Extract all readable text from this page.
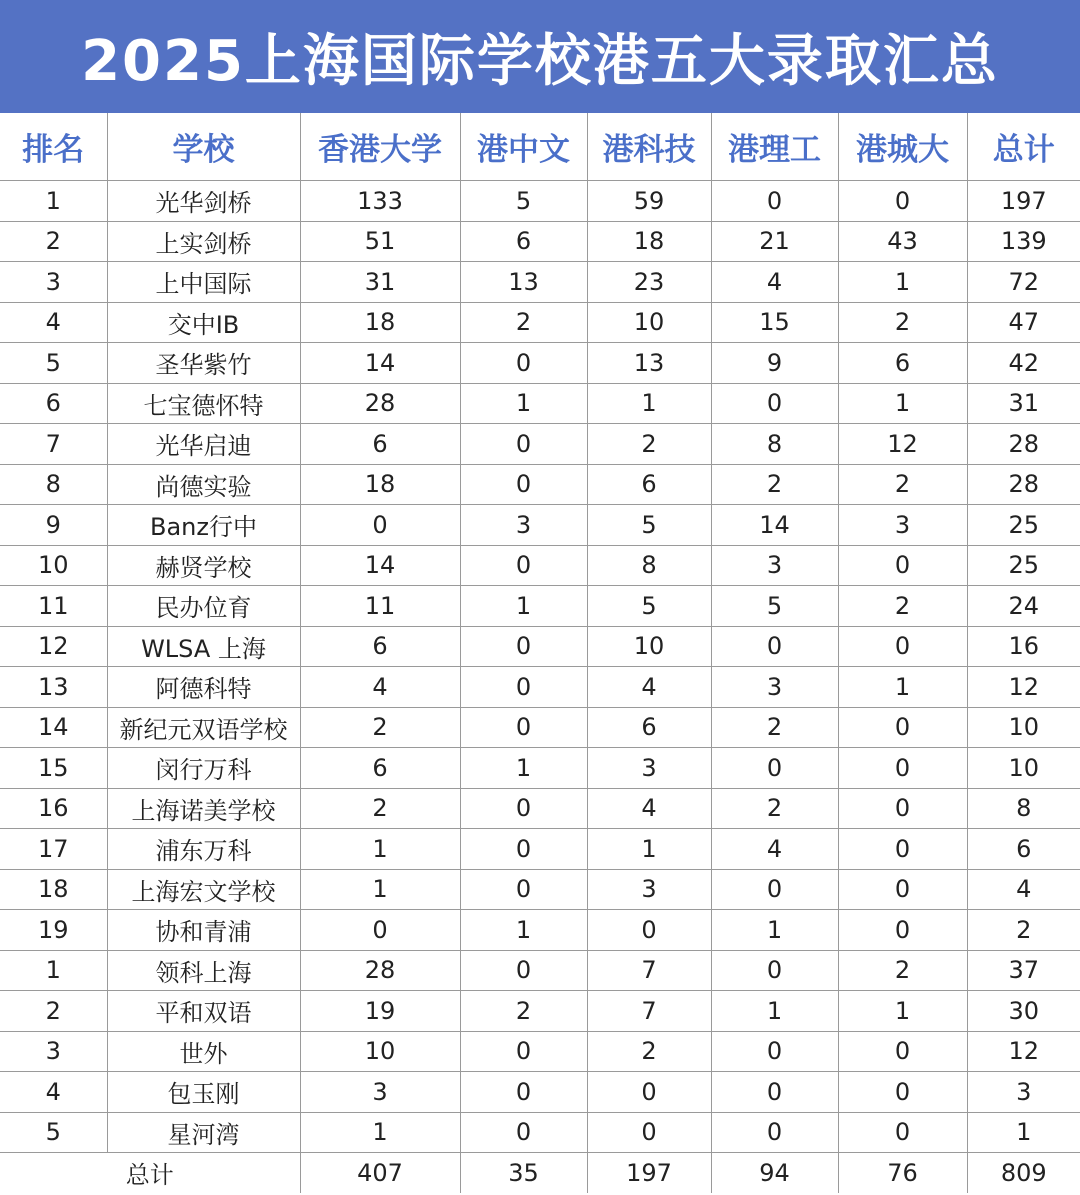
2025上海国际学校港五大录取汇总
排名	学校	香港大学	港中文	港科技	港理工	港城大	总计
1	光华剑桥	133	5	59	0	0	197
2	上实剑桥	51	6	18	21	43	139
3	上中国际	31	13	23	4	1	72
4	交中IB	18	2	10	15	2	47
5	圣华紫竹	14	0	13	9	6	42
6	七宝德怀特	28	1	1	0	1	31
7	光华启迪	6	0	2	8	12	28
8	尚德实验	18	0	6	2	2	28
9	Banz行中	0	3	5	14	3	25
10	赫贤学校	14	0	8	3	0	25
11	民办位育	11	1	5	5	2	24
12	WLSA 上海	6	0	10	0	0	16
13	阿德科特	4	0	4	3	1	12
14	新纪元双语学校	2	0	6	2	0	10
15	闵行万科	6	1	3	0	0	10
16	上海诺美学校	2	0	4	2	0	8
17	浦东万科	1	0	1	4	0	6
18	上海宏文学校	1	0	3	0	0	4
19	协和青浦	0	1	0	1	0	2
1	领科上海	28	0	7	0	2	37
2	平和双语	19	2	7	1	1	30
3	世外	10	0	2	0	0	12
4	包玉刚	3	0	0	0	0	3
5	星河湾	1	0	0	0	0	1
总计		407	35	197	94	76	809
